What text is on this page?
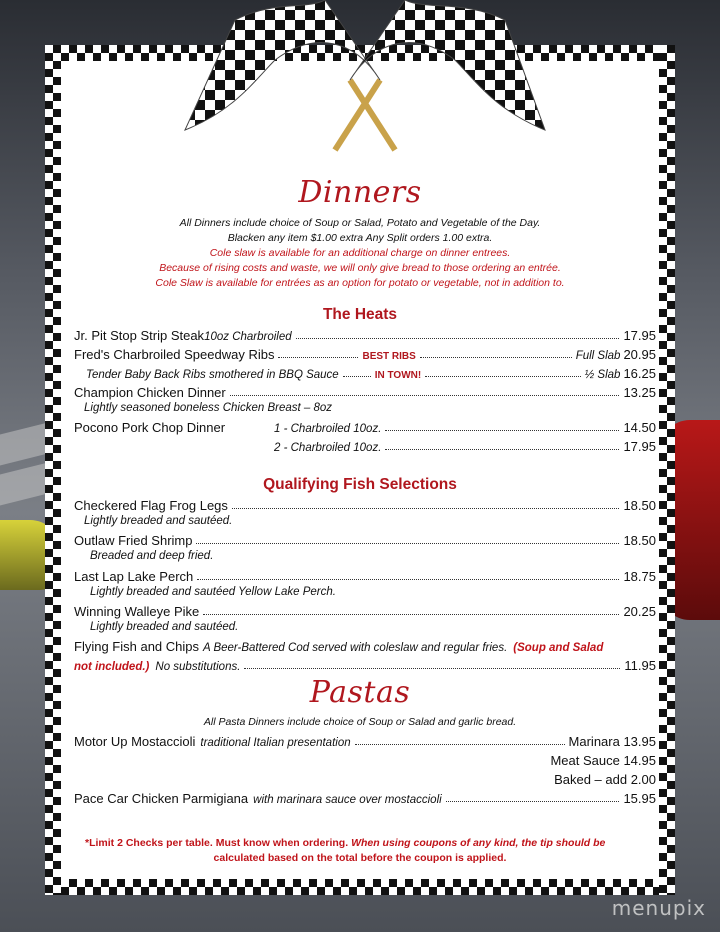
Dinners
All Dinners include choice of Soup or Salad, Potato and Vegetable of the Day.
Blacken any item $1.00 extra Any Split orders 1.00 extra.
Cole slaw is available for an additional charge on dinner entrees.
Because of rising costs and waste, we will only give bread to those ordering an entrée.
Cole Slaw is available for entrées as an option for potato or vegetable, not in addition to.
The Heats
Jr. Pit Stop Strip Steak 10oz Charbroiled	17.95
Fred's Charbroiled Speedway Ribs	BEST RIBS	Full Slab 20.95
Tender Baby Back Ribs smothered in BBQ Sauce	IN TOWN!	½ Slab 16.25
Champion Chicken Dinner	13.25
Lightly seasoned boneless Chicken Breast – 8oz
Pocono Pork Chop Dinner	1 - Charbroiled 10oz.	14.50
2 - Charbroiled 10oz.	17.95
Qualifying Fish Selections
Checkered Flag Frog Legs	18.50
Lightly breaded and sautéed.
Outlaw Fried Shrimp	18.50
Breaded and deep fried.
Last Lap Lake Perch	18.75
Lightly breaded and sautéed Yellow Lake Perch.
Winning Walleye Pike	20.25
Lightly breaded and sautéed.
Flying Fish and Chips A Beer-Battered Cod served with coleslaw and regular fries. (Soup and Salad
not included.) No substitutions.	11.95
Pastas
All Pasta Dinners include choice of Soup or Salad and garlic bread.
Motor Up Mostaccioli traditional Italian presentation	Marinara 13.95
Meat Sauce 14.95
Baked – add 2.00
Pace Car Chicken Parmigiana with marinara sauce over mostaccioli	15.95
*Limit 2 Checks per table. Must know when ordering. When using coupons of any kind, the tip should be
calculated based on the total before the coupon is applied.
menupix
